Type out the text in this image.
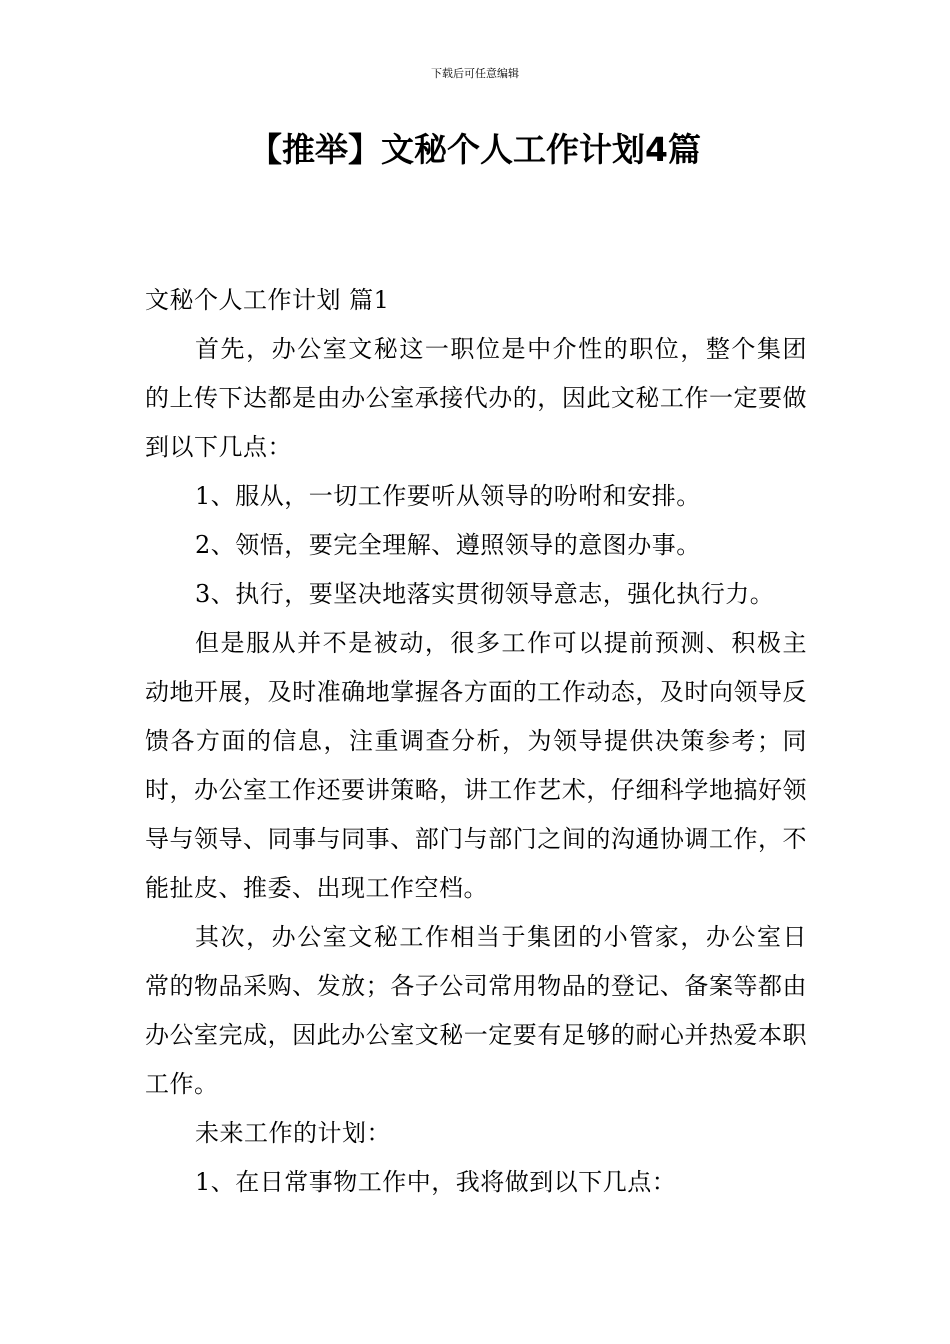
下载后可任意编辑
【推举】文秘个人工作计划4篇

文秘个人工作计划 篇1

首先，办公室文秘这一职位是中介性的职位，整个集团的上传下达都是由办公室承接代办的，因此文秘工作一定要做到以下几点：

1、服从，一切工作要听从领导的吩咐和安排。

2、领悟，要完全理解、遵照领导的意图办事。

3、执行，要坚决地落实贯彻领导意志，强化执行力。

但是服从并不是被动，很多工作可以提前预测、积极主动地开展，及时准确地掌握各方面的工作动态，及时向领导反馈各方面的信息，注重调查分析，为领导提供决策参考；同时，办公室工作还要讲策略，讲工作艺术，仔细科学地搞好领导与领导、同事与同事、部门与部门之间的沟通协调工作，不能扯皮、推委、出现工作空档。

其次，办公室文秘工作相当于集团的小管家，办公室日常的物品采购、发放；各子公司常用物品的登记、备案等都由办公室完成，因此办公室文秘一定要有足够的耐心并热爱本职工作。

未来工作的计划：

1、在日常事物工作中，我将做到以下几点：
